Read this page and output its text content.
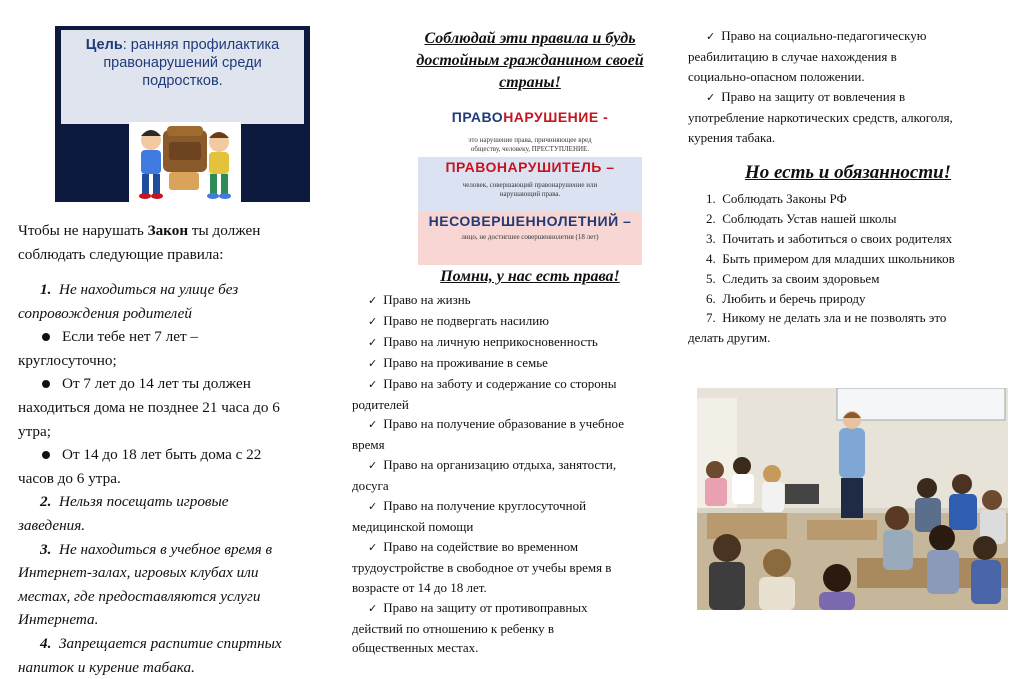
Цель: ранняя профилактика правонарушений среди подростков.
Чтобы не нарушать Закон ты должен
соблюдать следующие правила:
1. Не находиться на улице без
сопровождения родителей
Если тебе нет 7 лет –
круглосуточно;
От 7 лет до 14 лет ты должен
находиться дома не позднее 21 часа до 6
утра;
От 14 до 18 лет быть дома с 22
часов до 6 утра.
2. Нельзя посещать игровые
заведения.
3. Не находиться в учебное время в
Интернет-залах, игровых клубах или
местах, где предоставляются услуги
Интернета.
4. Запрещается распитие спиртных
напиток и курение табака.
Соблюдай эти правила и будь
достойным гражданином своей
страны!
ПРАВОНАРУШЕНИЕ -
это нарушение права, причиняющее вред
обществу, человеку, ПРЕСТУПЛЕНИЕ.
ПРАВОНАРУШИТЕЛЬ –
человек, совершающий правонарушение или
нарушающий права.
НЕСОВЕРШЕННОЛЕТНИЙ –
лицо, не достигшее совершеннолетия (18 лет)
Помни, у нас есть права!
✓ Право на жизнь
✓ Право не подвергать насилию
✓ Право на личную неприкосновенность
✓ Право на проживание в семье
✓ Право на заботу и содержание со стороны
родителей
✓ Право на получение образование в учебное
время
✓ Право на организацию отдыха, занятости,
досуга
✓ Право на получение круглосуточной
медицинской помощи
✓ Право на содействие во временном
трудоустройстве в свободное от учебы время в
возрасте от 14 до 18 лет.
✓ Право на защиту от противоправных
действий по отношению к ребенку в
общественных местах.
✓ Право на социально-педагогическую
реабилитацию в случае нахождения в
социально-опасном положении.
✓ Право на защиту от вовлечения в
употребление наркотических средств, алкоголя,
курения табака.
Но есть и обязанности!
1. Соблюдать Законы РФ
2. Соблюдать Устав нашей школы
3. Почитать и заботиться о своих родителях
4. Быть примером для младших школьников
5. Следить за своим здоровьем
6. Любить и беречь природу
7. Никому не делать зла и не позволять это
делать другим.
